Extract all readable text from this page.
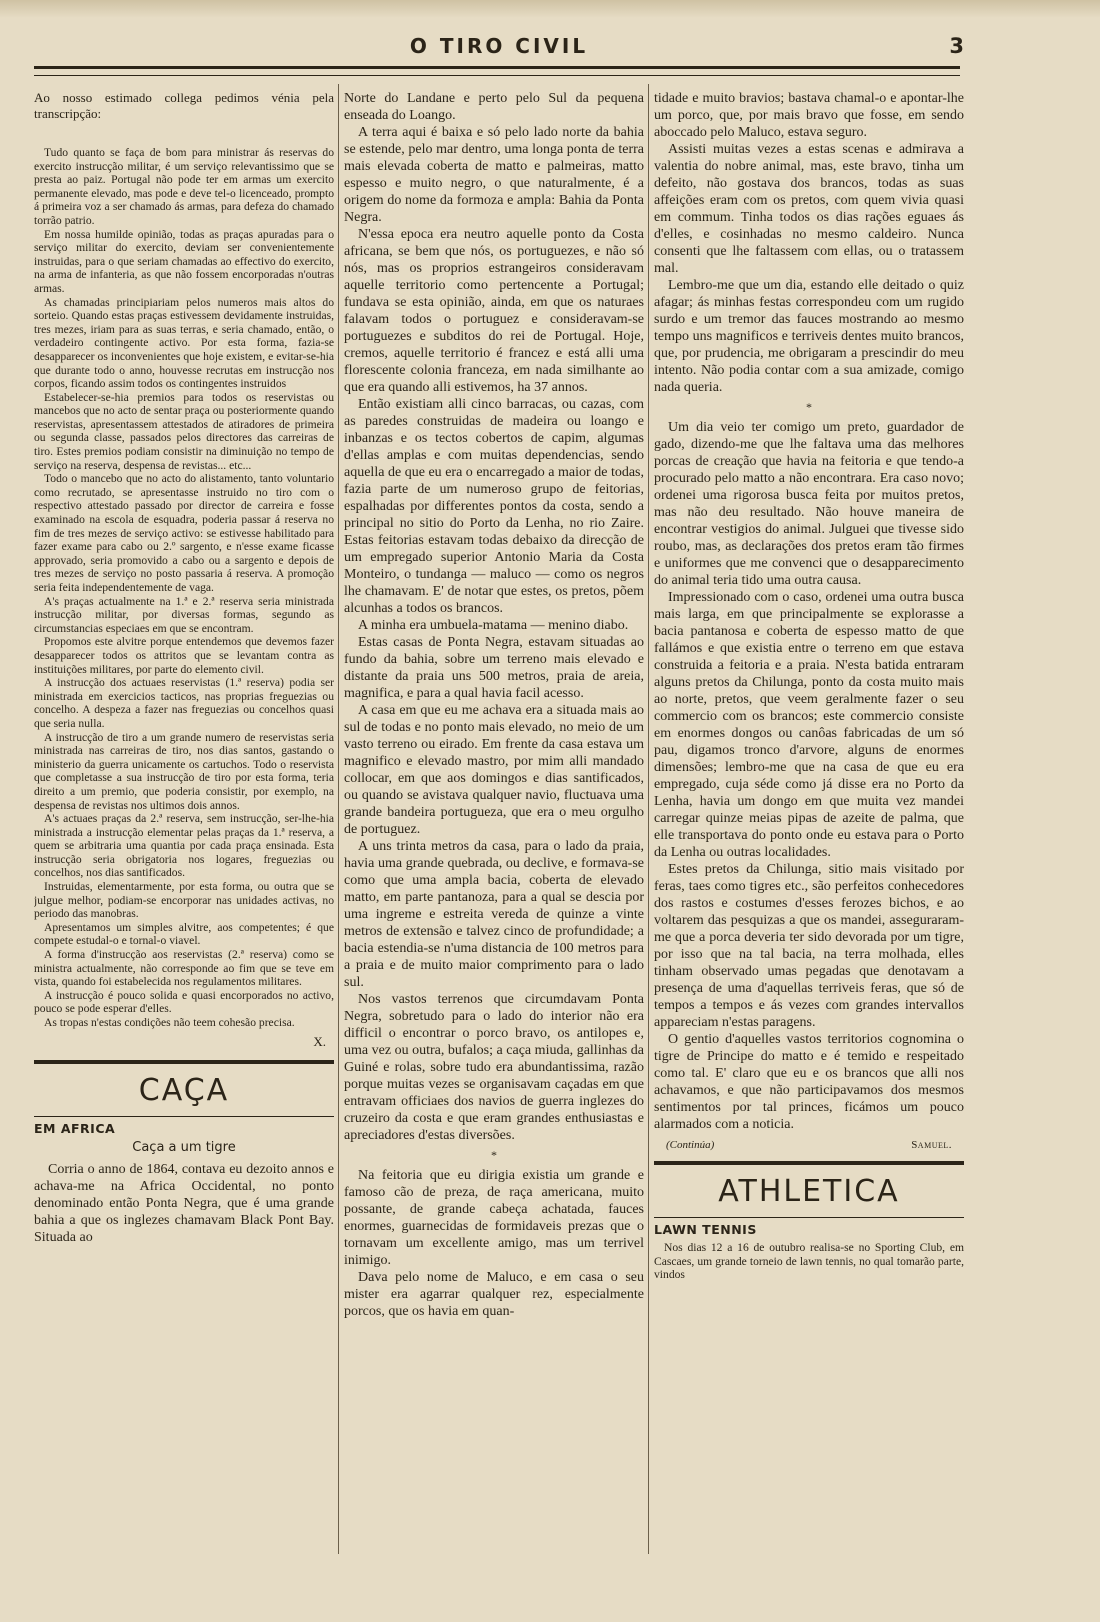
O TIRO CIVIL	3

Ao nosso estimado collega pedimos vénia pela transcripção:

Tudo quanto se faça de bom para ministrar ás reservas do exercito instrucção militar, é um serviço relevantissimo que se presta ao paiz. Portugal não pode ter em armas um exercito permanente elevado, mas pode e deve tel-o licenceado, prompto á primeira voz a ser chamado ás armas, para defeza do chamado torrão patrio.

Em nossa humilde opinião, todas as praças apuradas para o serviço militar do exercito, deviam ser convenientemente instruidas, para o que seriam chamadas ao effectivo do exercito, na arma de infanteria, as que não fossem encorporadas n'outras armas.

As chamadas principiariam pelos numeros mais altos do sorteio. Quando estas praças estivessem devidamente instruidas, tres mezes, iriam para as suas terras, e seria chamado, então, o verdadeiro contingente activo. Por esta forma, fazia-se desapparecer os inconvenientes que hoje existem, e evitar-se-hia que durante todo o anno, houvesse recrutas em instrucção nos corpos, ficando assim todos os contingentes instruidos

Estabelecer-se-hia premios para todos os reservistas ou mancebos que no acto de sentar praça ou posteriormente quando reservistas, apresentassem attestados de atiradores de primeira ou segunda classe, passados pelos directores das carreiras de tiro. Estes premios podiam consistir na diminuição no tempo de serviço na reserva, despensa de revistas... etc...

Todo o mancebo que no acto do alistamento, tanto voluntario como recrutado, se apresentasse instruido no tiro com o respectivo attestado passado por director de carreira e fosse examinado na escola de esquadra, poderia passar á reserva no fim de tres mezes de serviço activo: se estivesse habilitado para fazer exame para cabo ou 2.º sargento, e n'esse exame ficasse approvado, seria promovido a cabo ou a sargento e depois de tres mezes de serviço no posto passaria á reserva. A promoção seria feita independentemente de vaga.

A's praças actualmente na 1.ª e 2.ª reserva seria ministrada instrucção militar, por diversas formas, segundo as circumstancias especiaes em que se encontram.

Propomos este alvitre porque entendemos que devemos fazer desapparecer todos os attritos que se levantam contra as instituições militares, por parte do elemento civil.

A instrucção dos actuaes reservistas (1.ª reserva) podia ser ministrada em exercicios tacticos, nas proprias freguezias ou concelho. A despeza a fazer nas freguezias ou concelhos quasi que seria nulla.

A instrucção de tiro a um grande numero de reservistas seria ministrada nas carreiras de tiro, nos dias santos, gastando o ministerio da guerra unicamente os cartuchos. Todo o reservista que completasse a sua instrucção de tiro por esta forma, teria direito a um premio, que poderia consistir, por exemplo, na despensa de revistas nos ultimos dois annos.

A's actuaes praças da 2.ª reserva, sem instrucção, ser-lhe-hia ministrada a instrucção elementar pelas praças da 1.ª reserva, a quem se arbitraria uma quantia por cada praça ensinada. Esta instrucção seria obrigatoria nos logares, freguezias ou concelhos, nos dias santificados.

Instruidas, elementarmente, por esta forma, ou outra que se julgue melhor, podiam-se encorporar nas unidades activas, no periodo das manobras.

Apresentamos um simples alvitre, aos competentes; é que compete estudal-o e tornal-o viavel.

A forma d'instrucção aos reservistas (2.ª reserva) como se ministra actualmente, não corresponde ao fim que se teve em vista, quando foi estabelecida nos regulamentos militares.

A instrucção é pouco solida e quasi encorporados no activo, pouco se pode esperar d'elles.

As tropas n'estas condições não teem cohesão precisa.

X.
CAÇA
EM AFRICA
Caça a um tigre

Corria o anno de 1864, contava eu dezoito annos e achava-me na Africa Occidental, no ponto denominado então Ponta Negra, que é uma grande bahia a que os inglezes chamavam Black Pont Bay. Situada ao

Norte do Landane e perto pelo Sul da pequena enseada do Loango.

A terra aqui é baixa e só pelo lado norte da bahia se estende, pelo mar dentro, uma longa ponta de terra mais elevada coberta de matto e palmeiras, matto espesso e muito negro, o que naturalmente, é a origem do nome da formoza e ampla: Bahia da Ponta Negra.

N'essa epoca era neutro aquelle ponto da Costa africana, se bem que nós, os portuguezes, e não só nós, mas os proprios estrangeiros consideravam aquelle territorio como pertencente a Portugal; fundava se esta opinião, ainda, em que os naturaes falavam todos o portuguez e consideravam-se portuguezes e subditos do rei de Portugal. Hoje, cremos, aquelle territorio é francez e está alli uma florescente colonia franceza, em nada similhante ao que era quando alli estivemos, ha 37 annos.

Então existiam alli cinco barracas, ou cazas, com as paredes construidas de madeira ou loango e inbanzas e os tectos cobertos de capim, algumas d'ellas amplas e com muitas dependencias, sendo aquella de que eu era o encarregado a maior de todas, fazia parte de um numeroso grupo de feitorias, espalhadas por differentes pontos da costa, sendo a principal no sitio do Porto da Lenha, no rio Zaire. Estas feitorias estavam todas debaixo da direcção de um empregado superior Antonio Maria da Costa Monteiro, o tundanga — maluco — como os negros lhe chamavam. E' de notar que estes, os pretos, põem alcunhas a todos os brancos.

A minha era umbuela-matama — menino diabo.

Estas casas de Ponta Negra, estavam situadas ao fundo da bahia, sobre um terreno mais elevado e distante da praia uns 500 metros, praia de areia, magnifica, e para a qual havia facil acesso.

A casa em que eu me achava era a situada mais ao sul de todas e no ponto mais elevado, no meio de um vasto terreno ou eirado. Em frente da casa estava um magnifico e elevado mastro, por mim alli mandado collocar, em que aos domingos e dias santificados, ou quando se avistava qualquer navio, fluctuava uma grande bandeira portugueza, que era o meu orgulho de portuguez.

A uns trinta metros da casa, para o lado da praia, havia uma grande quebrada, ou declive, e formava-se como que uma ampla bacia, coberta de elevado matto, em parte pantanoza, para a qual se descia por uma ingreme e estreita vereda de quinze a vinte metros de extensão e talvez cinco de profundidade; a bacia estendia-se n'uma distancia de 100 metros para a praia e de muito maior comprimento para o lado sul.

Nos vastos terrenos que circumdavam Ponta Negra, sobretudo para o lado do interior não era difficil o encontrar o porco bravo, os antilopes e, uma vez ou outra, bufalos; a caça miuda, gallinhas da Guiné e rolas, sobre tudo era abundantissima, razão porque muitas vezes se organisavam caçadas em que entravam officiaes dos navios de guerra inglezes do cruzeiro da costa e que eram grandes enthusiastas e apreciadores d'estas diversões.

*

Na feitoria que eu dirigia existia um grande e famoso cão de preza, de raça americana, muito possante, de grande cabeça achatada, fauces enormes, guarnecidas de formidaveis prezas que o tornavam um excellente amigo, mas um terrivel inimigo.

Dava pelo nome de Maluco, e em casa o seu mister era agarrar qualquer rez, especialmente porcos, que os havia em quan-

tidade e muito bravios; bastava chamal-o e apontar-lhe um porco, que, por mais bravo que fosse, em sendo aboccado pelo Maluco, estava seguro.

Assisti muitas vezes a estas scenas e admirava a valentia do nobre animal, mas, este bravo, tinha um defeito, não gostava dos brancos, todas as suas affeições eram com os pretos, com quem vivia quasi em commum. Tinha todos os dias rações eguaes ás d'elles, e cosinhadas no mesmo caldeiro. Nunca consenti que lhe faltassem com ellas, ou o tratassem mal.

Lembro-me que um dia, estando elle deitado o quiz afagar; ás minhas festas correspondeu com um rugido surdo e um tremor das fauces mostrando ao mesmo tempo uns magnificos e terriveis dentes muito brancos, que, por prudencia, me obrigaram a prescindir do meu intento. Não podia contar com a sua amizade, comigo nada queria.

*

Um dia veio ter comigo um preto, guardador de gado, dizendo-me que lhe faltava uma das melhores porcas de creação que havia na feitoria e que tendo-a procurado pelo matto a não encontrara. Era caso novo; ordenei uma rigorosa busca feita por muitos pretos, mas não deu resultado. Não houve maneira de encontrar vestigios do animal. Julguei que tivesse sido roubo, mas, as declarações dos pretos eram tão firmes e uniformes que me convenci que o desapparecimento do animal teria tido uma outra causa.

Impressionado com o caso, ordenei uma outra busca mais larga, em que principalmente se explorasse a bacia pantanosa e coberta de espesso matto de que fallámos e que existia entre o terreno em que estava construida a feitoria e a praia. N'esta batida entraram alguns pretos da Chilunga, ponto da costa muito mais ao norte, pretos, que veem geralmente fazer o seu commercio com os brancos; este commercio consiste em enormes dongos ou canôas fabricadas de um só pau, digamos tronco d'arvore, alguns de enormes dimensões; lembro-me que na casa de que eu era empregado, cuja séde como já disse era no Porto da Lenha, havia um dongo em que muita vez mandei carregar quinze meias pipas de azeite de palma, que elle transportava do ponto onde eu estava para o Porto da Lenha ou outras localidades.

Estes pretos da Chilunga, sitio mais visitado por feras, taes como tigres etc., são perfeitos conhecedores dos rastos e costumes d'esses ferozes bichos, e ao voltarem das pesquizas a que os mandei, asseguraram-me que a porca deveria ter sido devorada por um tigre, por isso que na tal bacia, na terra molhada, elles tinham observado umas pegadas que denotavam a presença de uma d'aquellas terriveis feras, que só de tempos a tempos e ás vezes com grandes intervallos appareciam n'estas paragens.

O gentio d'aquelles vastos territorios cognomina o tigre de Principe do matto e é temido e respeitado como tal. E' claro que eu e os brancos que alli nos achavamos, e que não participavamos dos mesmos sentimentos por tal princes, ficámos um pouco alarmados com a noticia.

(Continúa)	Samuel.
ATHLETICA
LAWN TENNIS

Nos dias 12 a 16 de outubro realisa-se no Sporting Club, em Cascaes, um grande torneio de lawn tennis, no qual tomarão parte, vindos
